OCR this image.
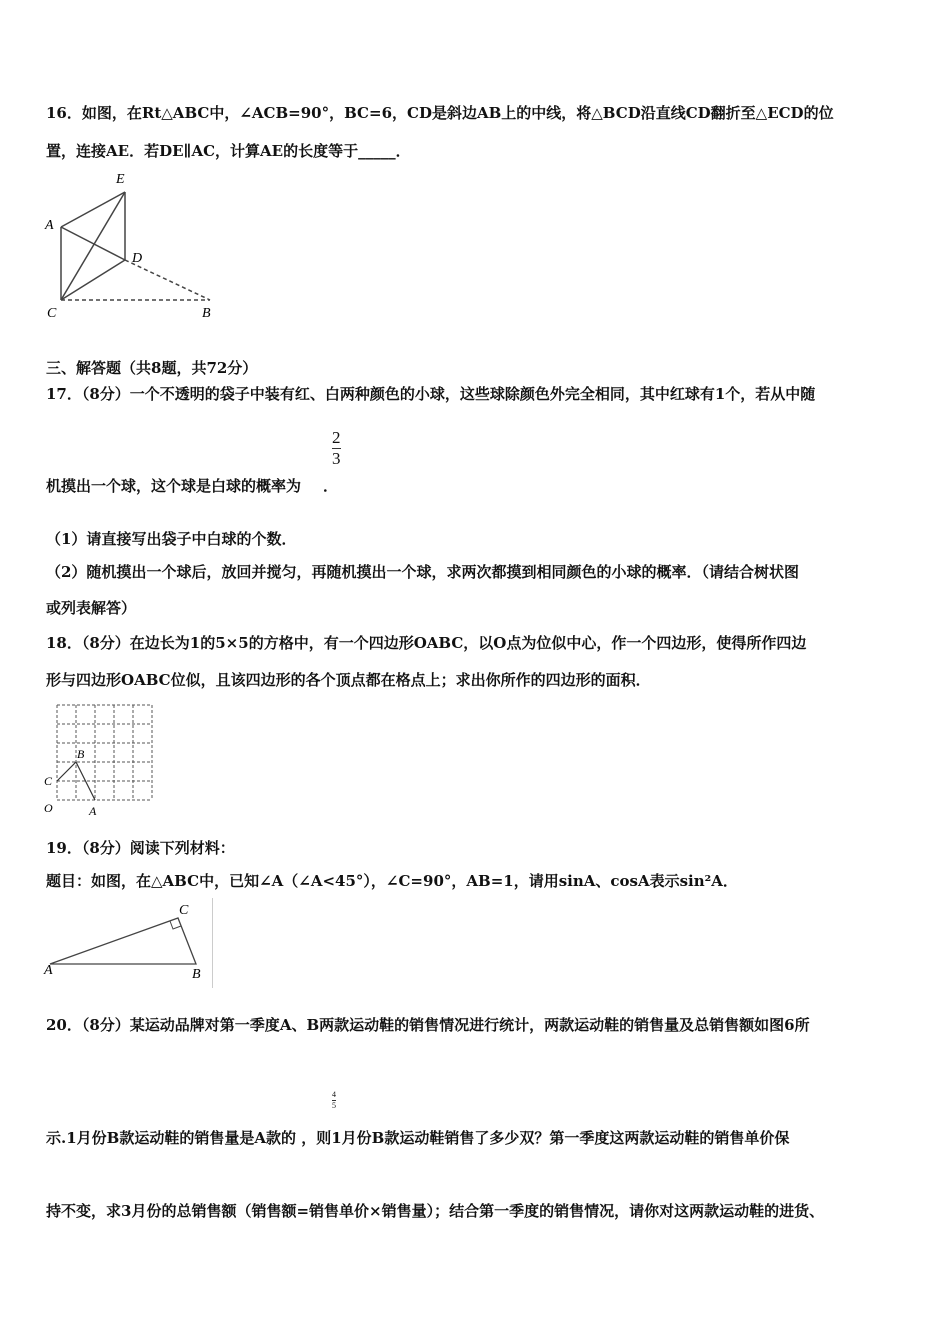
16．如图，在Rt△ABC中，∠ACB=90°，BC=6，CD是斜边AB上的中线，将△BCD沿直线CD翻折至△ECD的位
置，连接AE．若DE∥AC，计算AE的长度等于_____．
E
A
D
C	B
三、解答题（共8题，共72分）
17．（8分）一个不透明的袋子中装有红、白两种颜色的小球，这些球除颜色外完全相同，其中红球有1个，若从中随
$\frac{2}{3}$
机摸出一个球，这个球是白球的概率为 ．
（1）请直接写出袋子中白球的个数．
（2）随机摸出一个球后，放回并搅匀，再随机摸出一个球，求两次都摸到相同颜色的小球的概率．（请结合树状图
或列表解答）
18．（8分）在边长为1的5×5的方格中，有一个四边形OABC，以O点为位似中心，作一个四边形，使得所作四边
形与四边形OABC位似，且该四边形的各个顶点都在格点上；求出你所作的四边形的面积．
B
C
O	A
19．（8分）阅读下列材料：
题目：如图，在△ABC中，已知∠A（∠A<45°），∠C=90°，AB=1，请用sinA、cosA表示sin²A．
C
A	B
20．（8分）某运动品牌对第一季度A、B两款运动鞋的销售情况进行统计，两款运动鞋的销售量及总销售额如图6所
$\frac{4}{5}$
示.1月份B款运动鞋的销售量是A款的 ，则1月份B款运动鞋销售了多少双？第一季度这两款运动鞋的销售单价保
持不变，求3月份的总销售额（销售额=销售单价×销售量）；结合第一季度的销售情况，请你对这两款运动鞋的进货、
